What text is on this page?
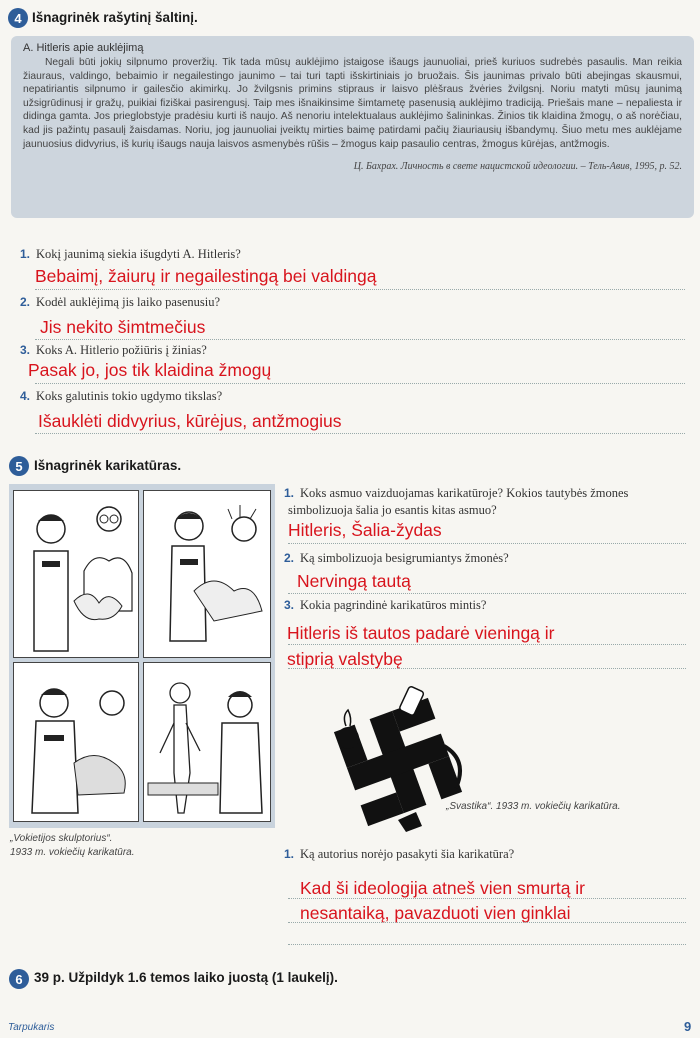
4 Išnagrinėk rašytinį šaltinį.
A. Hitleris apie auklėjimą
Negali būti jokių silpnumo proveržių. Tik tada mūsų auklėjimo įstaigose išaugs jaunuoliai, prieš kuriuos sudrebės pasaulis. Man reikia žiauraus, valdingo, bebaimio ir negailestingo jaunimo – tai turi tapti išskirtiniais jo bruožais. Šis jaunimas privalo būti abejingas skausmui, nepatiriantis silpnumo ir gailesčio akimirkų. Jo žvilgsnis primins stipraus ir laisvo plėšraus žvėries žvilgsnį. Noriu matyti mūsų jaunimą užsigrūdinusį ir gražų, puikiai fiziškai pasirengusį. Taip mes išnaikinsime šimtametę pasenusią auklėjimo tradiciją. Priešais mane – nepaliesta ir didinga gamta. Jos prieglobstyje pradėsiu kurti iš naujo. Aš nenoriu intelektualaus auklėjimo šalininkas. Žinios tik klaidina žmogų, o aš norėčiau, kad jis pažintų pasaulį žaisdamas. Noriu, jog jaunuoliai įveiktų mirties baimę patirdami pačių žiauriausių išbandymų. Šiuo metu mes auklėjame jaunuosius didvyrius, iš kurių išaugs nauja laisvos asmenybės rūšis – žmogus kaip pasaulio centras, žmogus kūrėjas, antžmogis.
Ц. Бахрах. Личность в свете нацистской идеологии. – Тель-Авив, 1995, р. 52.
1. Kokį jaunimą siekia išugdyti A. Hitleris?
Bebaimį, žaiurų ir negailestingą bei valdingą
2. Kodėl auklėjimą jis laiko pasenusiu?
Jis nekito šimtmečius
3. Koks A. Hitlerio požiūris į žinias?
Pasak jo, jos tik klaidina žmogų
4. Koks galutinis tokio ugdymo tikslas?
Išauklėti didvyrius, kūrėjus, antžmogius
5 Išnagrinėk karikatūras.
„Vokietijos skulptorius“.
1933 m. vokiečių karikatūra.
1. Koks asmuo vaizduojamas karikatūroje? Kokios tautybės žmones
simbolizuoja šalia jo esantis kitas asmuo?
Hitleris, Šalia-žydas
2. Ką simbolizuoja besigrumiantys žmonės?
Nervingą tautą
3. Kokia pagrindinė karikatūros mintis?
Hitleris iš tautos padarė vieningą ir
stiprią valstybę
„Svastika“. 1933 m. vokiečių karikatūra.
1. Ką autorius norėjo pasakyti šia karikatūra?
Kad ši ideologija atneš vien smurtą ir
nesantaiką, pavazduoti vien ginklai
6 39 p. Užpildyk 1.6 temos laiko juostą (1 laukelį).
Tarpukaris	9
